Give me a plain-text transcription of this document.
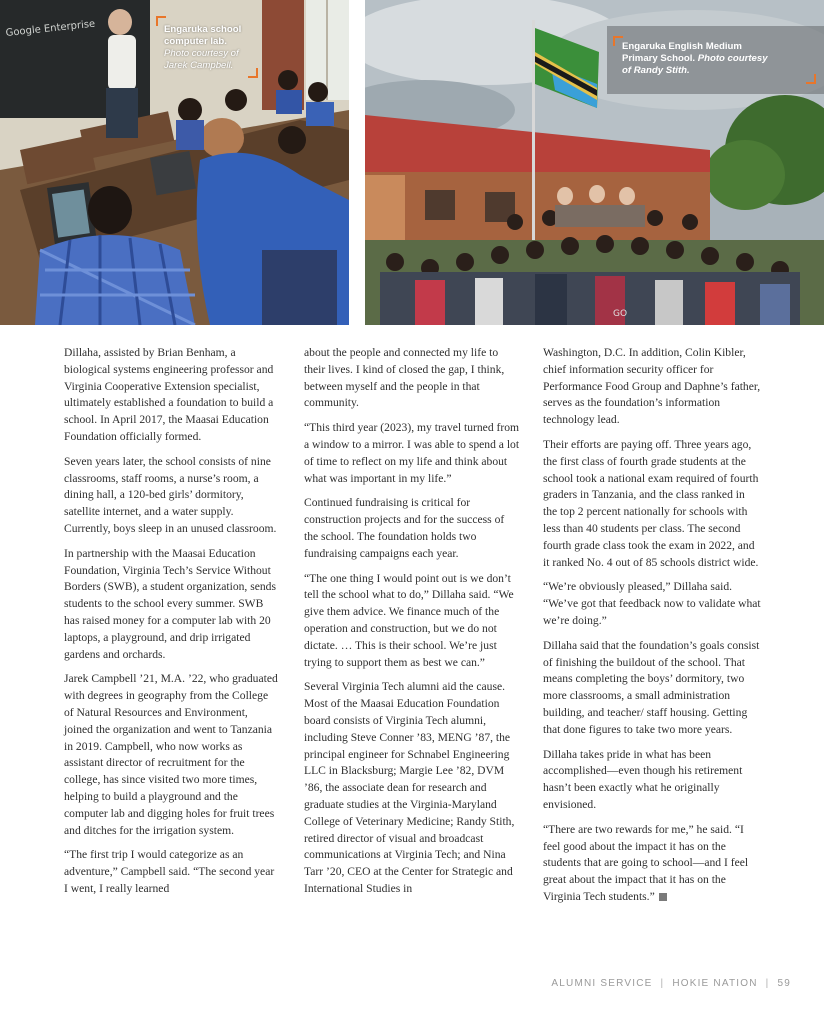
Google Enterprise	Engaruka school
computer lab.
Photo courtesy of
Jarek Campbell.
GO
Engaruka English Medium
Primary School. Photo courtesy
of Randy Stith.

Dillaha, assisted by Brian Benham, a biological systems engineering professor and Virginia Cooperative Extension specialist, ultimately established a foundation to build a school. In April 2017, the Maasai Education Foundation officially formed.

Seven years later, the school consists of nine classrooms, staff rooms, a nurse’s room, a dining hall, a 120-bed girls’ dormitory, satellite internet, and a water supply. Currently, boys sleep in an unused classroom.

In partnership with the Maasai Education Foundation, Virginia Tech’s Service Without Borders (SWB), a student organization, sends students to the school every summer. SWB has raised money for a computer lab with 20 laptops, a playground, and drip irrigated gardens and orchards.

Jarek Campbell ’21, M.A. ’22, who graduated with degrees in geography from the College of Natural Resources and Environment, joined the organization and went to Tanzania in 2019. Campbell, who now works as assistant director of recruitment for the college, has since visited two more times, helping to build a playground and the computer lab and digging holes for fruit trees and ditches for the irrigation system.

“The first trip I would categorize as an adventure,” Campbell said. “The second year I went, I really learned

about the people and connected my life to their lives. I kind of closed the gap, I think, between myself and the people in that community.

“This third year (2023), my travel turned from a window to a mirror. I was able to spend a lot of time to reflect on my life and think about what was important in my life.”

Continued fundraising is critical for construction projects and for the success of the school. The foundation holds two fundraising campaigns each year.

“The one thing I would point out is we don’t tell the school what to do,” Dillaha said. “We give them advice. We finance much of the operation and construction, but we do not dictate. … This is their school. We’re just trying to support them as best we can.”

Several Virginia Tech alumni aid the cause. Most of the Maasai Education Foundation board consists of Virginia Tech alumni, including Steve Conner ’83, MENG ’87, the principal engineer for Schnabel Engineering LLC in Blacksburg; Margie Lee ’82, DVM ’86, the associate dean for research and graduate studies at the Virginia-Maryland College of Veterinary Medicine; Randy Stith, retired director of visual and broadcast communications at Virginia Tech; and Nina Tarr ’20, CEO at the Center for Strategic and International Studies in

Washington, D.C. In addition, Colin Kibler, chief information security officer for Performance Food Group and Daphne’s father, serves as the foundation’s information technology lead.

Their efforts are paying off. Three years ago, the first class of fourth grade students at the school took a national exam required of fourth graders in Tanzania, and the class ranked in the top 2 percent nationally for schools with less than 40 students per class. The second fourth grade class took the exam in 2022, and it ranked No. 4 out of 85 schools district wide.

“We’re obviously pleased,” Dillaha said. “We’ve got that feedback now to validate what we’re doing.”

Dillaha said that the foundation’s goals consist of finishing the buildout of the school. That means completing the boys’ dormitory, two more classrooms, a small administration building, and teacher/ staff housing. Getting that done figures to take two more years.

Dillaha takes pride in what has been accomplished—even though his retirement hasn’t been exactly what he originally envisioned.

“There are two rewards for me,” he said. “I feel good about the impact it has on the students that are going to school—and I feel great about the impact that it has on the Virginia Tech students.”

ALUMNI SERVICE | HOKIE NATION | 59
